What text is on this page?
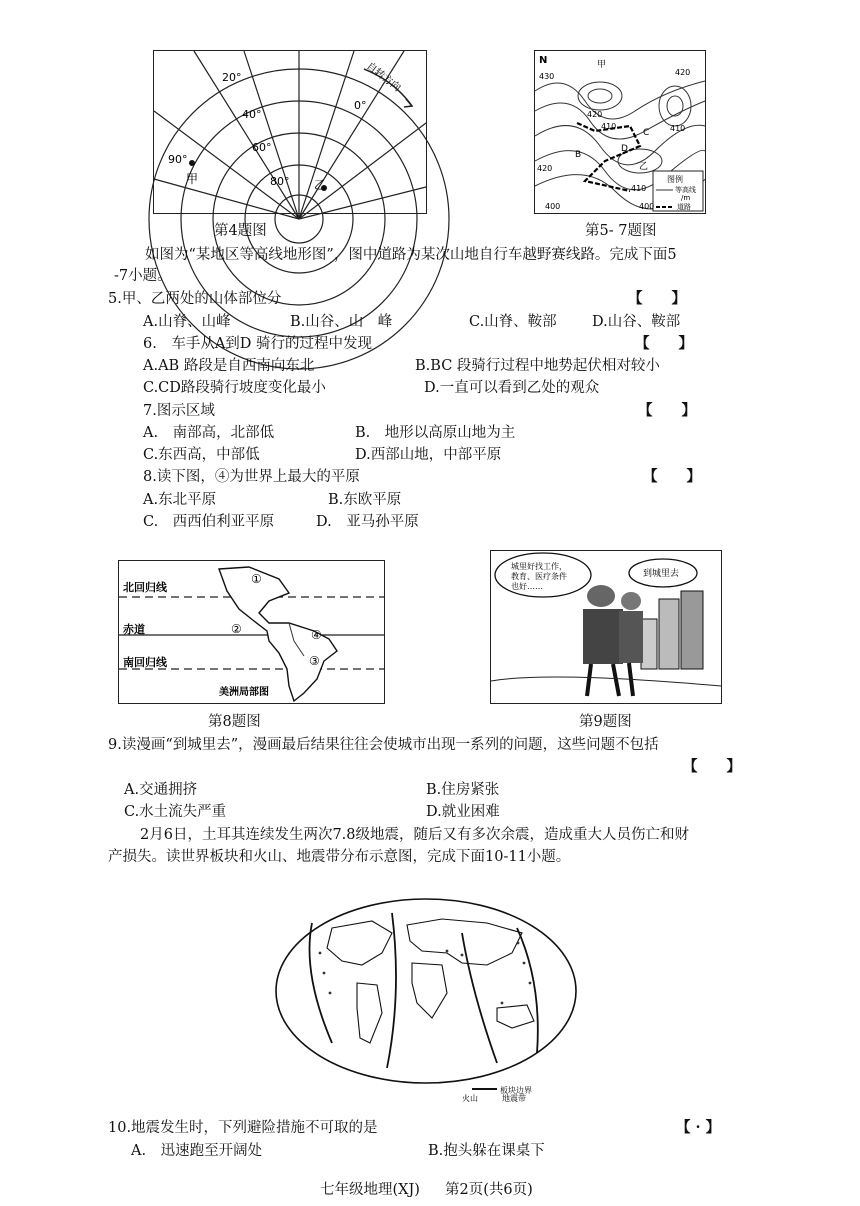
20°
40°
60°
80°
0°
90°
甲	乙
自转方向
第4题图
N	甲
430
420
410	410
420
C
B
D
乙
410
420
400
400
图例
等高线
/m
道路
第5- 7题图
如图为“某地区等高线地形图”，图中道路为某次山地自行车越野赛线路。完成下面5
-7小题。
5.甲、乙两处的山体部位分	【　　】
A.山脊、山峰	B.山谷、山　峰	C.山脊、鞍部 D.山谷、鞍部
6.　车手从A到D 骑行的过程中发现	【　　】
A.AB 路段是自西南向东北	B.BC 段骑行过程中地势起伏相对较小
C.CD路段骑行坡度变化最小	D.一直可以看到乙处的观众
7.图示区域	【　　】
A.　南部高，北部低	B.　地形以高原山地为主
C.东西高，中部低	D.西部山地，中部平原
8.读下图，④为世界上最大的平原	【　　】
A.东北平原	B.东欧平原
C.　西西伯利亚平原	D.　亚马孙平原
北回归线
赤道
南回归线
美洲局部图
①
②
③
④
第8题图
城里好找工作，
教育、医疗条件
也好……
到城里去
第9题图
9.读漫画“到城里去”，漫画最后结果往往会使城市出现一系列的问题，这些问题不包括
【　　】
A.交通拥挤	B.住房紧张
C.水土流失严重	D.就业困难
2月6日，土耳其连续发生两次7.8级地震，随后又有多次余震，造成重大人员伤亡和财
产损失。读世界板块和火山、地震带分布示意图，完成下面10-11小题。
板块边界
火山	地震带
10.地震发生时，下列避险措施不可取的是	【 · 】
A.　迅速跑至开阔处	B.抱头躲在课桌下
七年级地理(XJ) 第2页(共6页)
